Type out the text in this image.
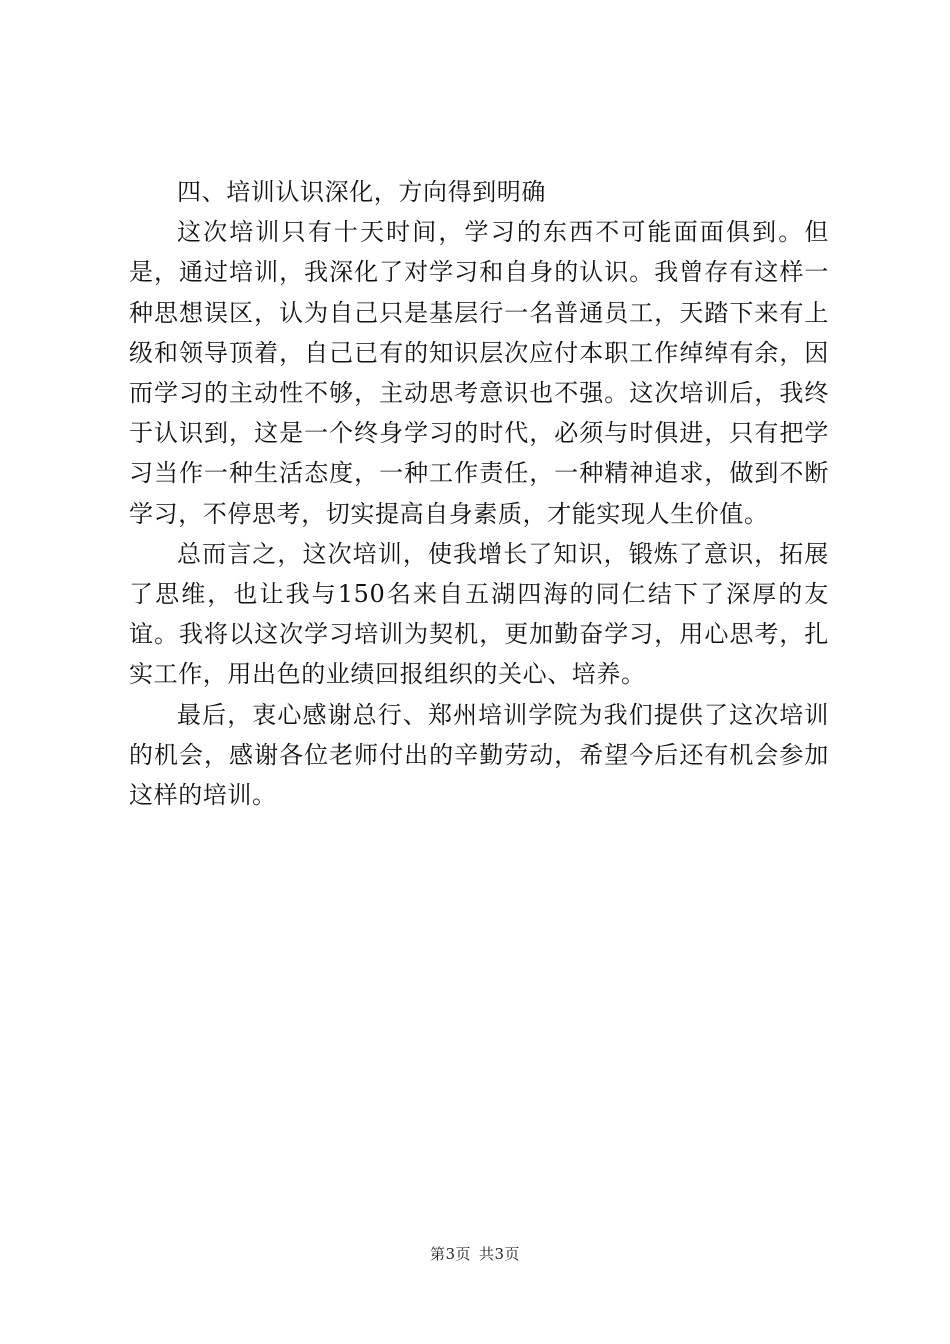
四、培训认识深化，方向得到明确

这次培训只有十天时间，学习的东西不可能面面俱到。但是，通过培训，我深化了对学习和自身的认识。我曾存有这样一种思想误区，认为自己只是基层行一名普通员工，天踏下来有上级和领导顶着，自己已有的知识层次应付本职工作绰绰有余，因而学习的主动性不够，主动思考意识也不强。这次培训后，我终于认识到，这是一个终身学习的时代，必须与时俱进，只有把学习当作一种生活态度，一种工作责任，一种精神追求，做到不断学习，不停思考，切实提高自身素质，才能实现人生价值。

总而言之，这次培训，使我增长了知识，锻炼了意识，拓展了思维，也让我与150名来自五湖四海的同仁结下了深厚的友谊。我将以这次学习培训为契机，更加勤奋学习，用心思考，扎实工作，用出色的业绩回报组织的关心、培养。

最后，衷心感谢总行、郑州培训学院为我们提供了这次培训的机会，感谢各位老师付出的辛勤劳动，希望今后还有机会参加这样的培训。

第3页 共3页
